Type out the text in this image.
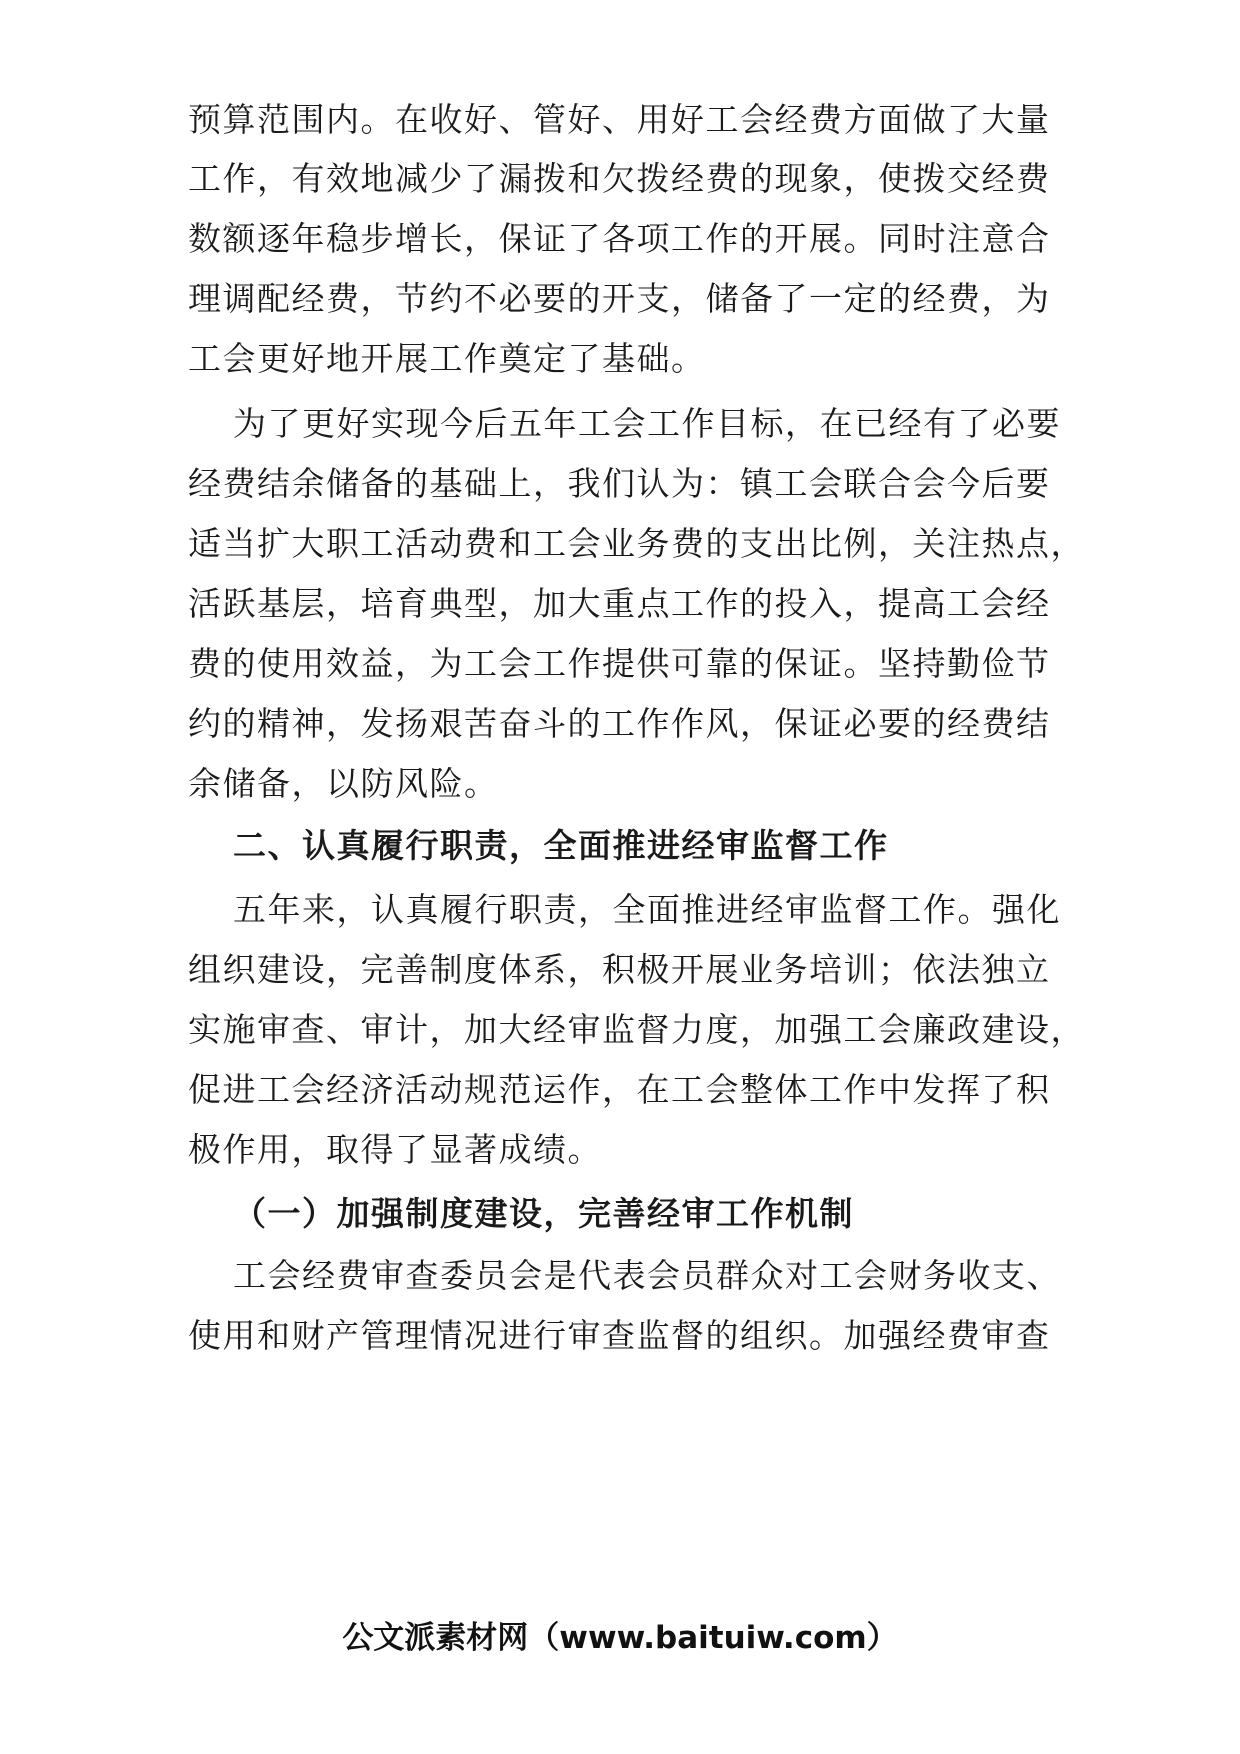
预算范围内。在收好、管好、用好工会经费方面做了大量
工作，有效地减少了漏拨和欠拨经费的现象，使拨交经费
数额逐年稳步增长，保证了各项工作的开展。同时注意合
理调配经费，节约不必要的开支，储备了一定的经费，为
工会更好地开展工作奠定了基础。
为了更好实现今后五年工会工作目标，在已经有了必要
经费结余储备的基础上，我们认为：镇工会联合会今后要
适当扩大职工活动费和工会业务费的支出比例，关注热点，
活跃基层，培育典型，加大重点工作的投入，提高工会经
费的使用效益，为工会工作提供可靠的保证。坚持勤俭节
约的精神，发扬艰苦奋斗的工作作风，保证必要的经费结
余储备，以防风险。
二、认真履行职责，全面推进经审监督工作
五年来，认真履行职责，全面推进经审监督工作。强化
组织建设，完善制度体系，积极开展业务培训；依法独立
实施审查、审计，加大经审监督力度，加强工会廉政建设，
促进工会经济活动规范运作，在工会整体工作中发挥了积
极作用，取得了显著成绩。
（一）加强制度建设，完善经审工作机制
工会经费审查委员会是代表会员群众对工会财务收支、
使用和财产管理情况进行审查监督的组织。加强经费审查
公文派素材网（www.baituiw.com）
